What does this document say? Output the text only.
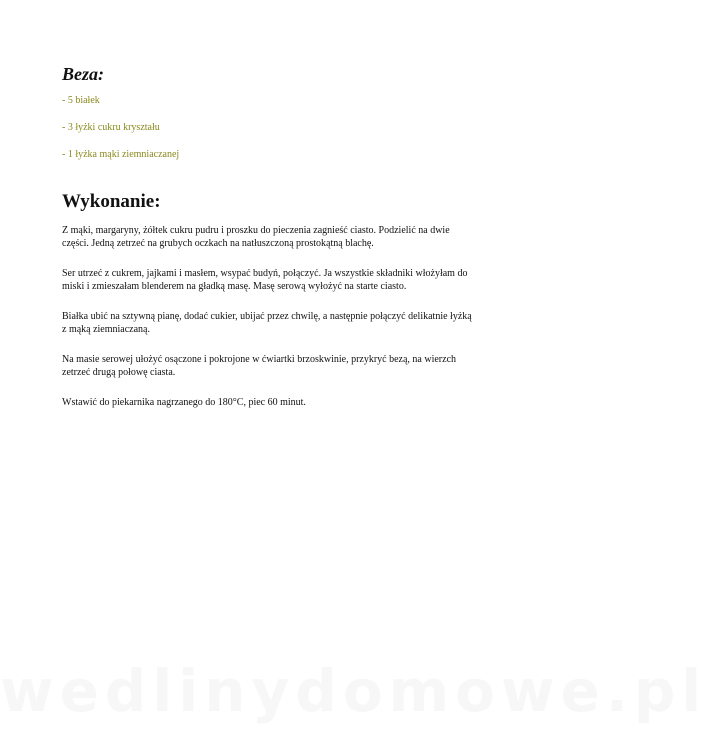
Beza:
- 5 białek
- 3 łyżki cukru kryształu
- 1 łyżka mąki ziemniaczanej
Wykonanie:

Z mąki, margaryny, żółtek cukru pudru i proszku do pieczenia zagnieść ciasto. Podzielić na dwie części. Jedną zetrzeć na grubych oczkach na natłuszczoną prostokątną blachę.

Ser utrzeć z cukrem, jajkami i masłem, wsypać budyń, połączyć. Ja wszystkie składniki włożyłam do miski i zmieszałam blenderem na gładką masę. Masę serową wyłożyć na starte ciasto.

Białka ubić na sztywną pianę, dodać cukier, ubijać przez chwilę, a następnie połączyć delikatnie łyżką z mąką ziemniaczaną.

Na masie serowej ułożyć osączone i pokrojone w ćwiartki brzoskwinie, przykryć bezą, na wierzch zetrzeć drugą połowę ciasta.

Wstawić do piekarnika nagrzanego do 180°C, piec 60 minut.

wedlinydomowe.pl
